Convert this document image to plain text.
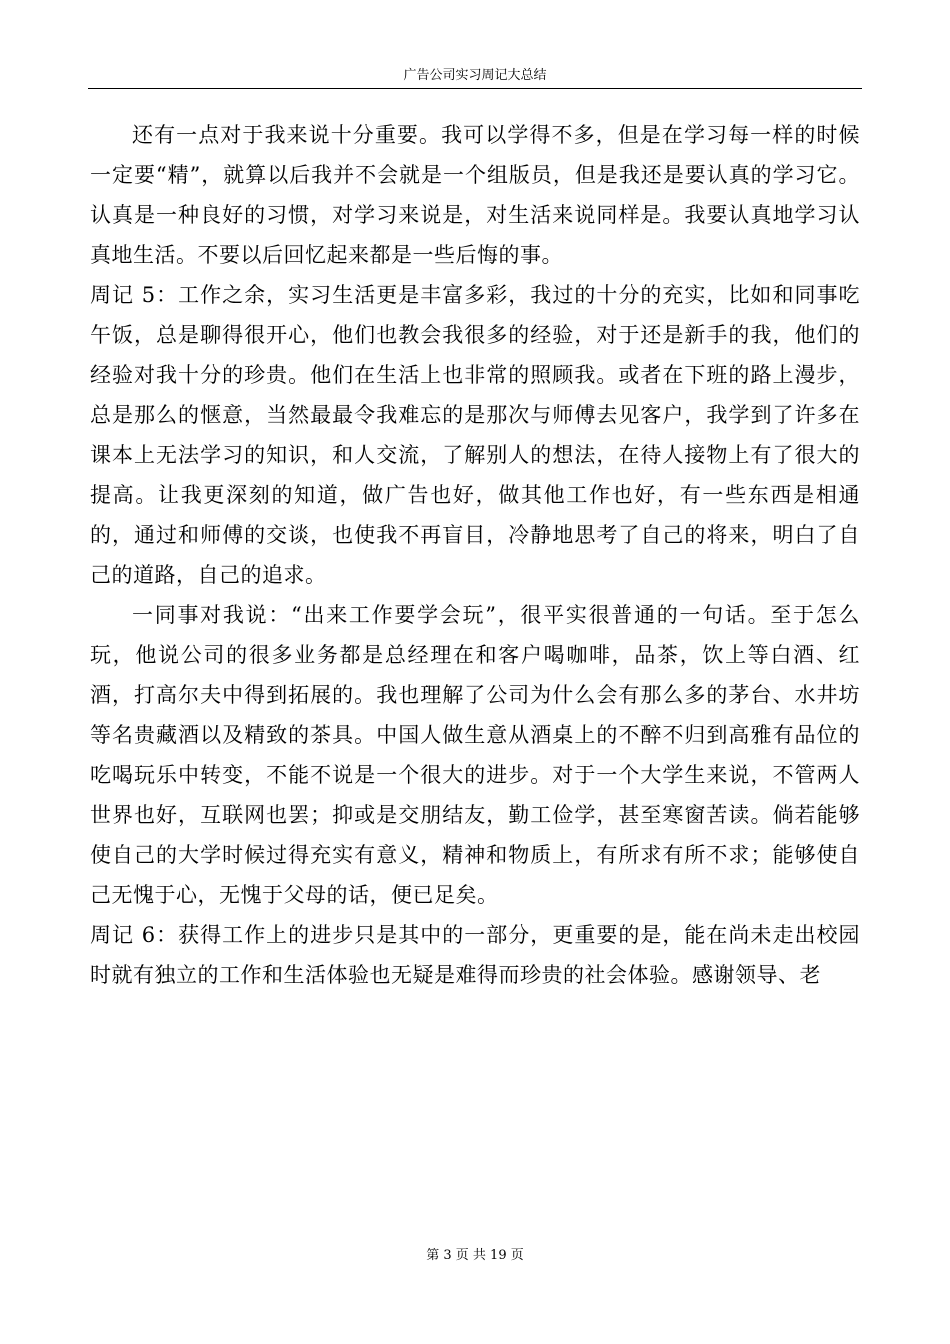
广告公司实习周记大总结

还有一点对于我来说十分重要。我可以学得不多，但是在学习每一样的时候一定要“精”，就算以后我并不会就是一个组版员，但是我还是要认真的学习它。认真是一种良好的习惯，对学习来说是，对生活来说同样是。我要认真地学习认真地生活。不要以后回忆起来都是一些后悔的事。

周记 5：工作之余，实习生活更是丰富多彩，我过的十分的充实，比如和同事吃午饭，总是聊得很开心，他们也教会我很多的经验，对于还是新手的我，他们的经验对我十分的珍贵。他们在生活上也非常的照顾我。或者在下班的路上漫步，总是那么的惬意，当然最最令我难忘的是那次与师傅去见客户，我学到了许多在课本上无法学习的知识，和人交流，了解别人的想法，在待人接物上有了很大的提高。让我更深刻的知道，做广告也好，做其他工作也好，有一些东西是相通的，通过和师傅的交谈，也使我不再盲目，冷静地思考了自己的将来，明白了自己的道路，自己的追求。

一同事对我说：“出来工作要学会玩”，很平实很普通的一句话。至于怎么玩，他说公司的很多业务都是总经理在和客户喝咖啡，品茶，饮上等白酒、红酒，打高尔夫中得到拓展的。我也理解了公司为什么会有那么多的茅台、水井坊等名贵藏酒以及精致的茶具。中国人做生意从酒桌上的不醉不归到高雅有品位的吃喝玩乐中转变，不能不说是一个很大的进步。对于一个大学生来说，不管两人世界也好，互联网也罢；抑或是交朋结友，勤工俭学，甚至寒窗苦读。倘若能够使自己的大学时候过得充实有意义，精神和物质上，有所求有所不求；能够使自己无愧于心，无愧于父母的话，便已足矣。

周记 6：获得工作上的进步只是其中的一部分，更重要的是，能在尚未走出校园时就有独立的工作和生活体验也无疑是难得而珍贵的社会体验。感谢领导、老

第 3 页 共 19 页
